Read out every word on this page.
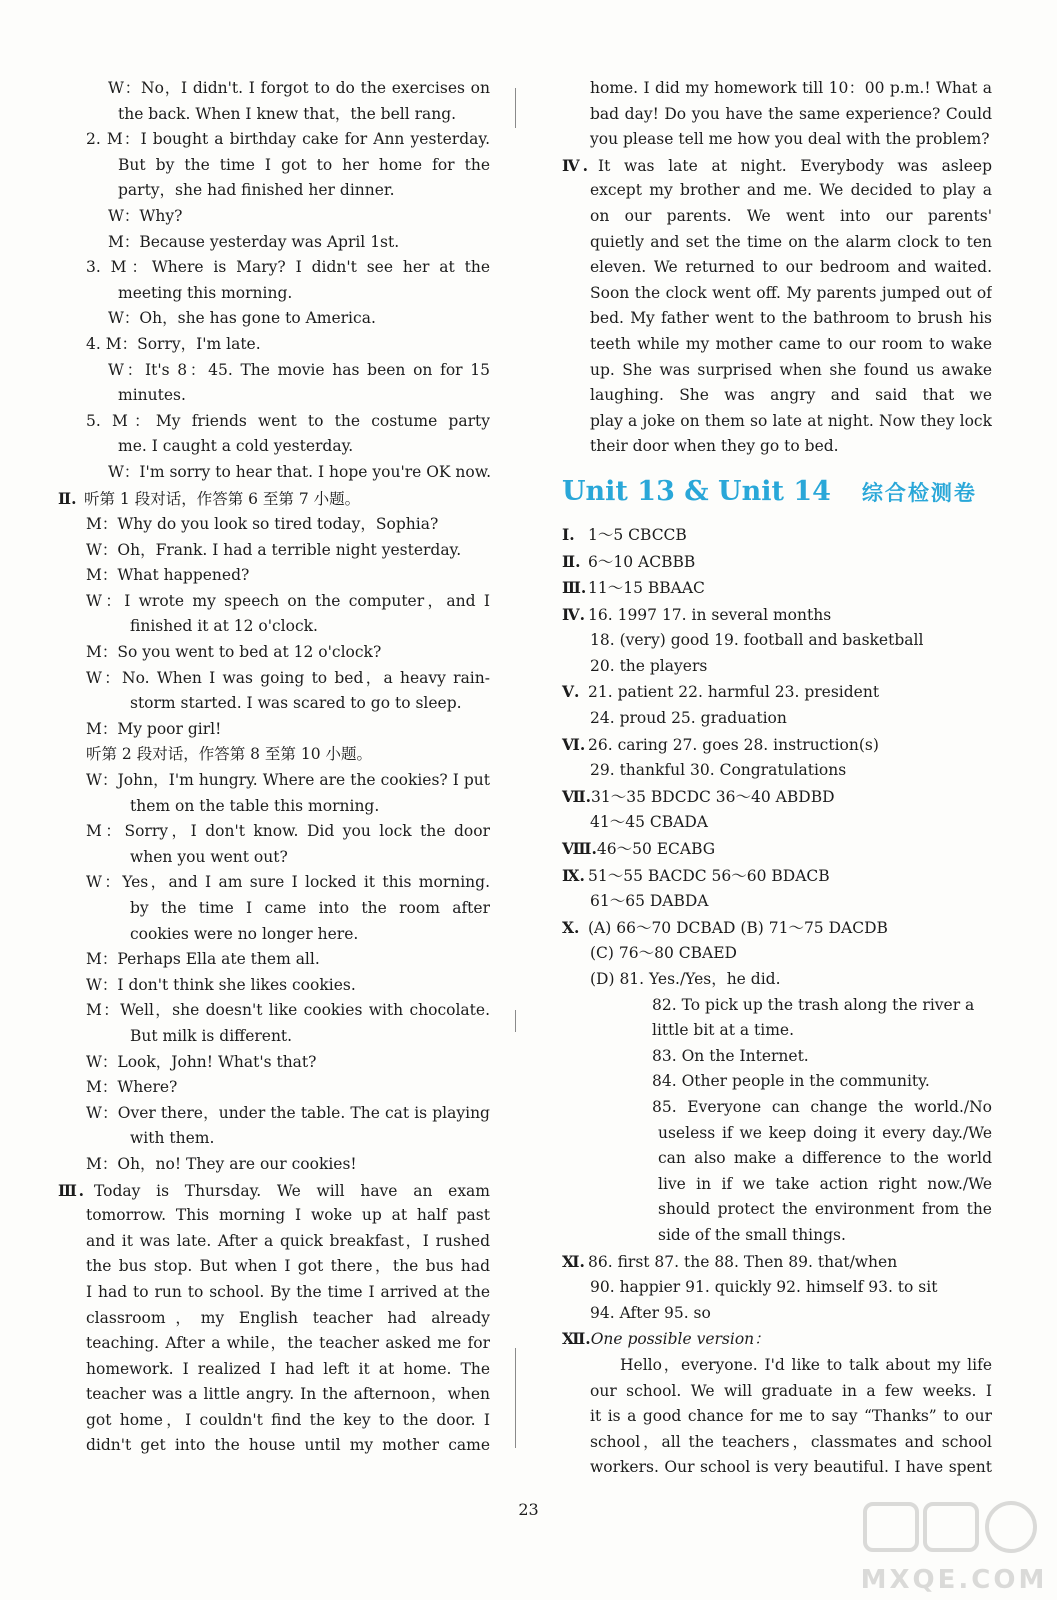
W：No，I didn't. I forgot to do the exercises on
the back. When I knew that，the bell rang.
2. M：I bought a birthday cake for Ann yesterday.
But by the time I got to her home for the
party，she had finished her dinner.
W：Why?
M：Because yesterday was April 1st.
3. M：Where is Mary? I didn't see her at the
meeting this morning.
W：Oh，she has gone to America.
4. M：Sorry，I'm late.
W：It's 8：45. The movie has been on for 15
minutes.
5. M：My friends went to the costume party
me. I caught a cold yesterday.
W：I'm sorry to hear that. I hope you're OK now.
Ⅱ. 听第 1 段对话，作答第 6 至第 7 小题。
M：Why do you look so tired today，Sophia?
W：Oh，Frank. I had a terrible night yesterday.
M：What happened?
W：I wrote my speech on the computer，and I
finished it at 12 o'clock.
M：So you went to bed at 12 o'clock?
W：No. When I was going to bed，a heavy rain-
storm started. I was scared to go to sleep.
M：My poor girl!
听第 2 段对话，作答第 8 至第 10 小题。
W：John，I'm hungry. Where are the cookies? I put
them on the table this morning.
M：Sorry，I don't know. Did you lock the door
when you went out?
W：Yes，and I am sure I locked it this morning.
by the time I came into the room after
cookies were no longer here.
M：Perhaps Ella ate them all.
W：I don't think she likes cookies.
M：Well，she doesn't like cookies with chocolate.
But milk is different.
W：Look，John! What's that?
M：Where?
W：Over there，under the table. The cat is playing
with them.
M：Oh，no! They are our cookies!
Ⅲ. Today is Thursday. We will have an exam
tomorrow. This morning I woke up at half past
and it was late. After a quick breakfast，I rushed
the bus stop. But when I got there，the bus had
I had to run to school. By the time I arrived at the
classroom，my English teacher had already
teaching. After a while，the teacher asked me for
homework. I realized I had left it at home. The
teacher was a little angry. In the afternoon，when
got home，I couldn't find the key to the door. I
didn't get into the house until my mother came
home. I did my homework till 10：00 p.m.! What a
bad day! Do you have the same experience? Could
you please tell me how you deal with the problem?
Ⅳ. It was late at night. Everybody was asleep
except my brother and me. We decided to play a
on our parents. We went into our parents'
quietly and set the time on the alarm clock to ten
eleven. We returned to our bedroom and waited.
Soon the clock went off. My parents jumped out of
bed. My father went to the bathroom to brush his
teeth while my mother came to our room to wake
up. She was surprised when she found us awake
laughing. She was angry and said that we
play a joke on them so late at night. Now they lock
their door when they go to bed.
Unit 13 & Unit 14 综合检测卷
Ⅰ. 1～5 CBCCB
Ⅱ. 6～10 ACBBB
Ⅲ. 11～15 BBAAC
Ⅳ. 16. 1997 17. in several months
18. (very) good 19. football and basketball
20. the players
Ⅴ. 21. patient 22. harmful 23. president
24. proud 25. graduation
Ⅵ. 26. caring 27. goes 28. instruction(s)
29. thankful 30. Congratulations
Ⅶ.31～35 BDCDC 36～40 ABDBD
41～45 CBADA
Ⅷ.46～50 ECABG
Ⅸ. 51～55 BACDC 56～60 BDACB
61～65 DABDA
Ⅹ. (A) 66～70 DCBAD (B) 71～75 DACDB
(C) 76～80 CBAED
(D) 81. Yes./Yes，he did.
82. To pick up the trash along the river a
little bit at a time.
83. On the Internet.
84. Other people in the community.
85. Everyone can change the world./No
useless if we keep doing it every day./We
can also make a difference to the world
live in if we take action right now./We
should protect the environment from the
side of the small things.
Ⅺ. 86. first 87. the 88. Then 89. that/when
90. happier 91. quickly 92. himself 93. to sit
94. After 95. so
Ⅻ.One possible version：
Hello，everyone. I'd like to talk about my life
our school. We will graduate in a few weeks. I
it is a good chance for me to say “Thanks” to our
school，all the teachers，classmates and school
workers. Our school is very beautiful. I have spent
23
MXQE.COM
